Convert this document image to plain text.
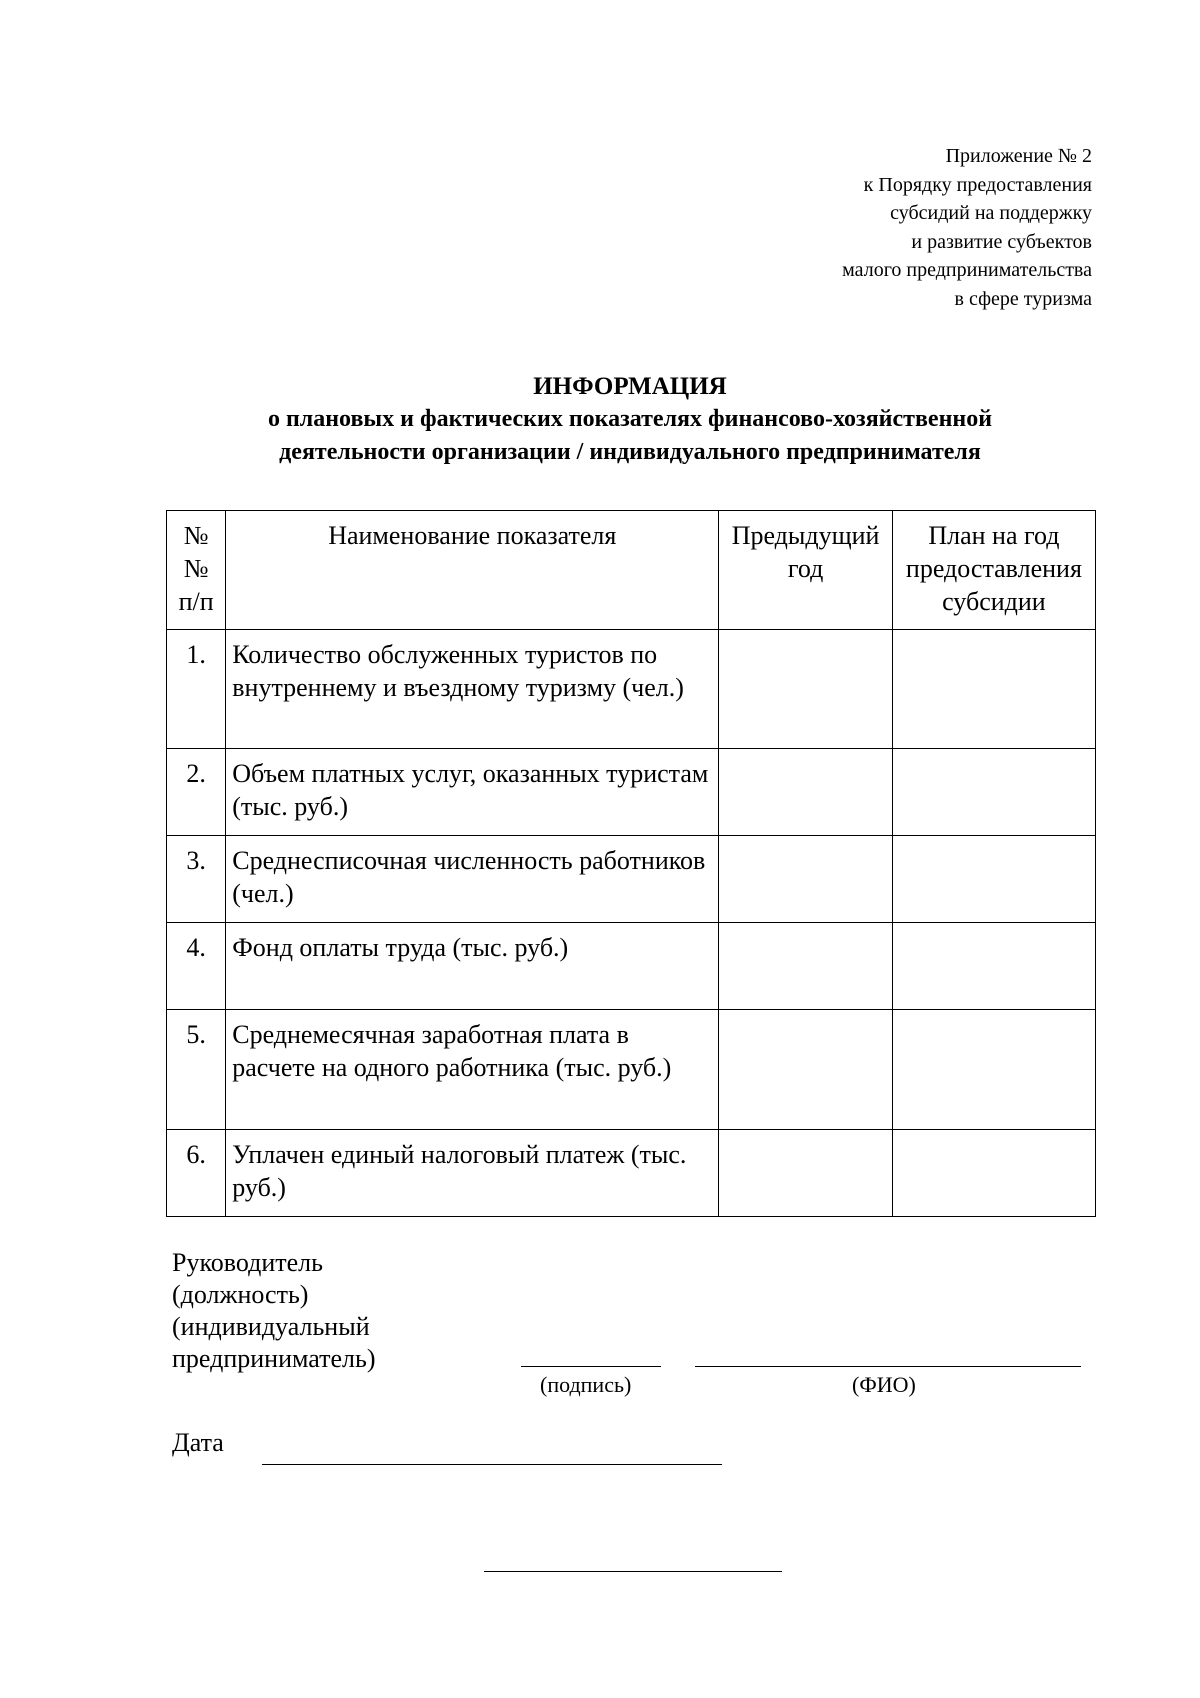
Приложение № 2
к Порядку предоставления
субсидий на поддержку
и развитие субъектов
малого предпринимательства
в сфере туризма
ИНФОРМАЦИЯ
о плановых и фактических показателях финансово-хозяйственной
деятельности организации / индивидуального предпринимателя
№№ п/п	Наименование показателя	Предыдущий год	План на год предоставления субсидии
1.	Количество обслуженных туристов по внутреннему и въездному туризму (чел.)		
2.	Объем платных услуг, оказанных туристам (тыс. руб.)		
3.	Среднесписочная численность работников (чел.)		
4.	Фонд оплаты труда (тыс. руб.)		
5.	Среднемесячная заработная плата в расчете на одного работника (тыс. руб.)		
6.	Уплачен единый налоговый платеж (тыс. руб.)		
Руководитель
(должность)
(индивидуальный
предприниматель)
(подпись)	(ФИО)
Дата
